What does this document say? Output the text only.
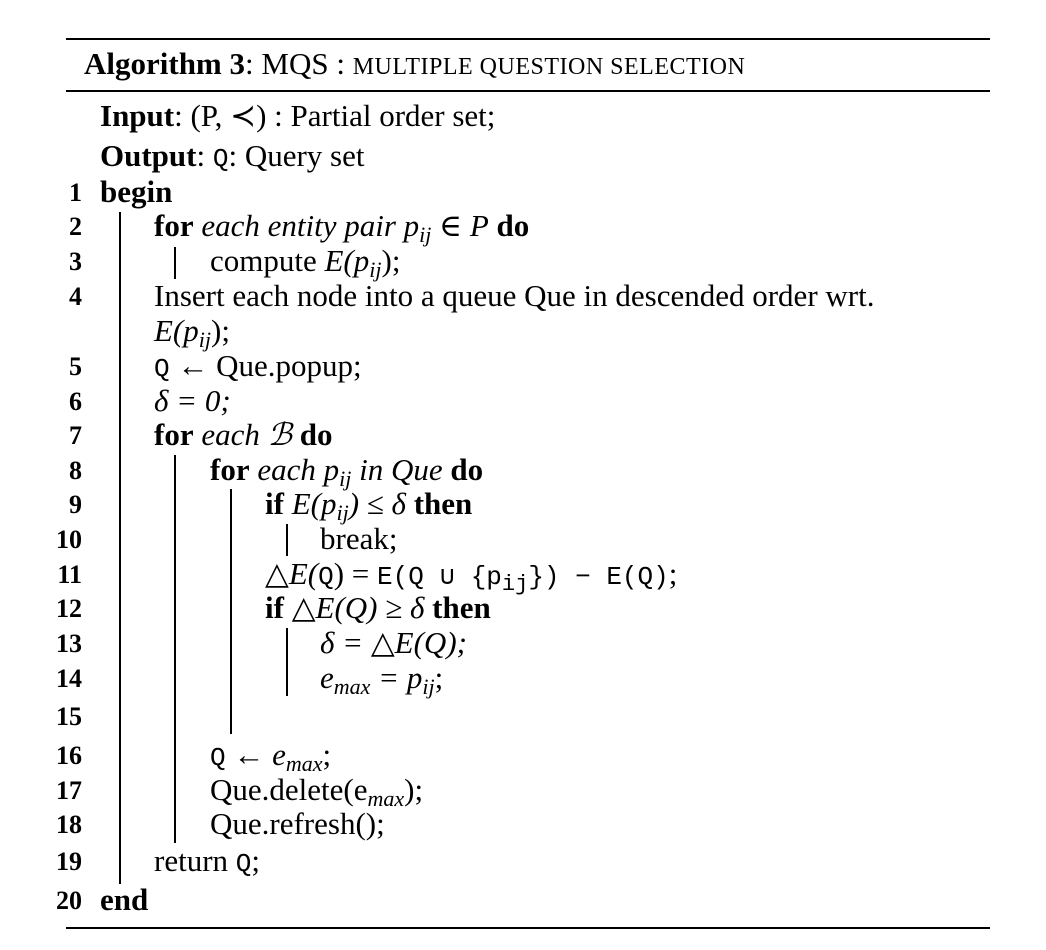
Algorithm 3: MQS : MULTIPLE QUESTION SELECTION
Input: (P, ≺) : Partial order set;
Output: Q: Query set
1
2
3
4
5
6
7
8
9
10
11
12
13
14
15
16
17
18
19
20
begin
for each entity pair $p_{ij}$ ∈ P do
compute $E(p_{ij})$;
Insert each node into a queue Que in descended order wrt.
$E(p_{ij})$;
Q ← Que.popup;
δ = 0;
for each ℬ do
for each $p_{ij}$ in Que do
if $E(p_{ij}) \le \delta$ then
break;
△E(Q) = E(Q ∪ $\{p_{ij}\}) - E(Q)$;
if △E(Q) ≥ δ then
δ = △E(Q);
$e_{max} = p_{ij}$;
Q ← $e_{max}$;
$Que.delete(e_{max})$;
Que.refresh();
return Q;
end
